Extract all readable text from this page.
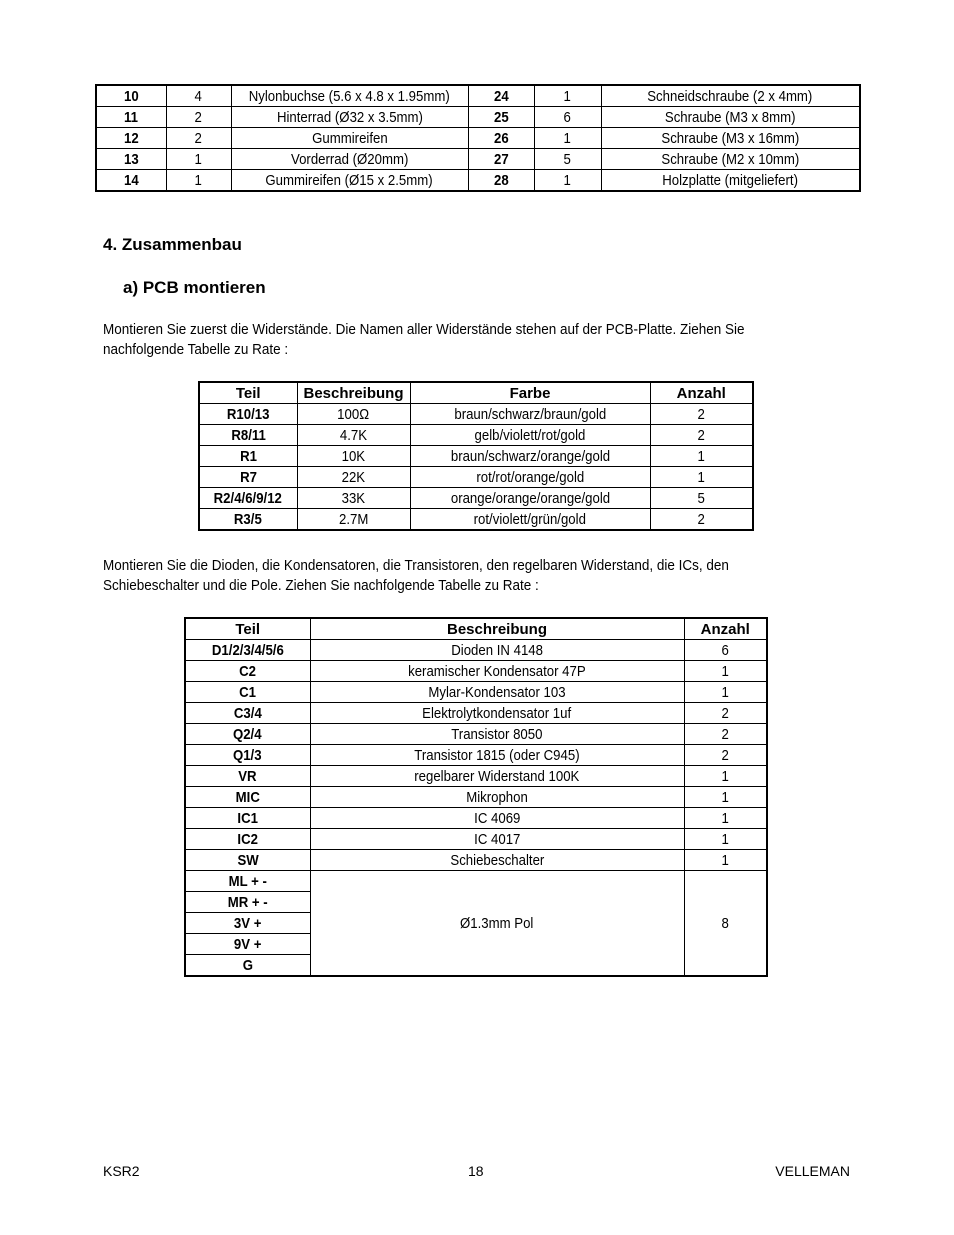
10	4	Nylonbuchse (5.6 x 4.8 x 1.95mm)	24	1	Schneidschraube (2 x 4mm)
11	2	Hinterrad (Ø32 x 3.5mm)	25	6	Schraube (M3 x 8mm)
12	2	Gummireifen	26	1	Schraube (M3 x 16mm)
13	1	Vorderrad (Ø20mm)	27	5	Schraube (M2 x 10mm)
14	1	Gummireifen (Ø15 x 2.5mm)	28	1	Holzplatte (mitgeliefert)
4. Zusammenbau
a) PCB montieren

Montieren Sie zuerst die Widerstände. Die Namen aller Widerstände stehen auf der PCB-Platte. Ziehen Sie
nachfolgende Tabelle zu Rate :

Teil	Beschreibung	Farbe	Anzahl
R10/13	100Ω	braun/schwarz/braun/gold	2
R8/11	4.7K	gelb/violett/rot/gold	2
R1	10K	braun/schwarz/orange/gold	1
R7	22K	rot/rot/orange/gold	1
R2/4/6/9/12	33K	orange/orange/orange/gold	5
R3/5	2.7M	rot/violett/grün/gold	2

Montieren Sie die Dioden, die Kondensatoren, die Transistoren, den regelbaren Widerstand, die ICs, den
Schiebeschalter und die Pole. Ziehen Sie nachfolgende Tabelle zu Rate :

Teil	Beschreibung	Anzahl
D1/2/3/4/5/6	Dioden IN 4148	6
C2	keramischer Kondensator 47P	1
C1	Mylar-Kondensator 103	1
C3/4	Elektrolytkondensator 1uf	2
Q2/4	Transistor 8050	2
Q1/3	Transistor 1815 (oder C945)	2
VR	regelbarer Widerstand 100K	1
MIC	Mikrophon	1
IC1	IC 4069	1
IC2	IC 4017	1
SW	Schiebeschalter	1
ML + -	Ø1.3mm Pol	8
MR + -		
3V +		
9V +		
G		
KSR2	18	VELLEMAN
